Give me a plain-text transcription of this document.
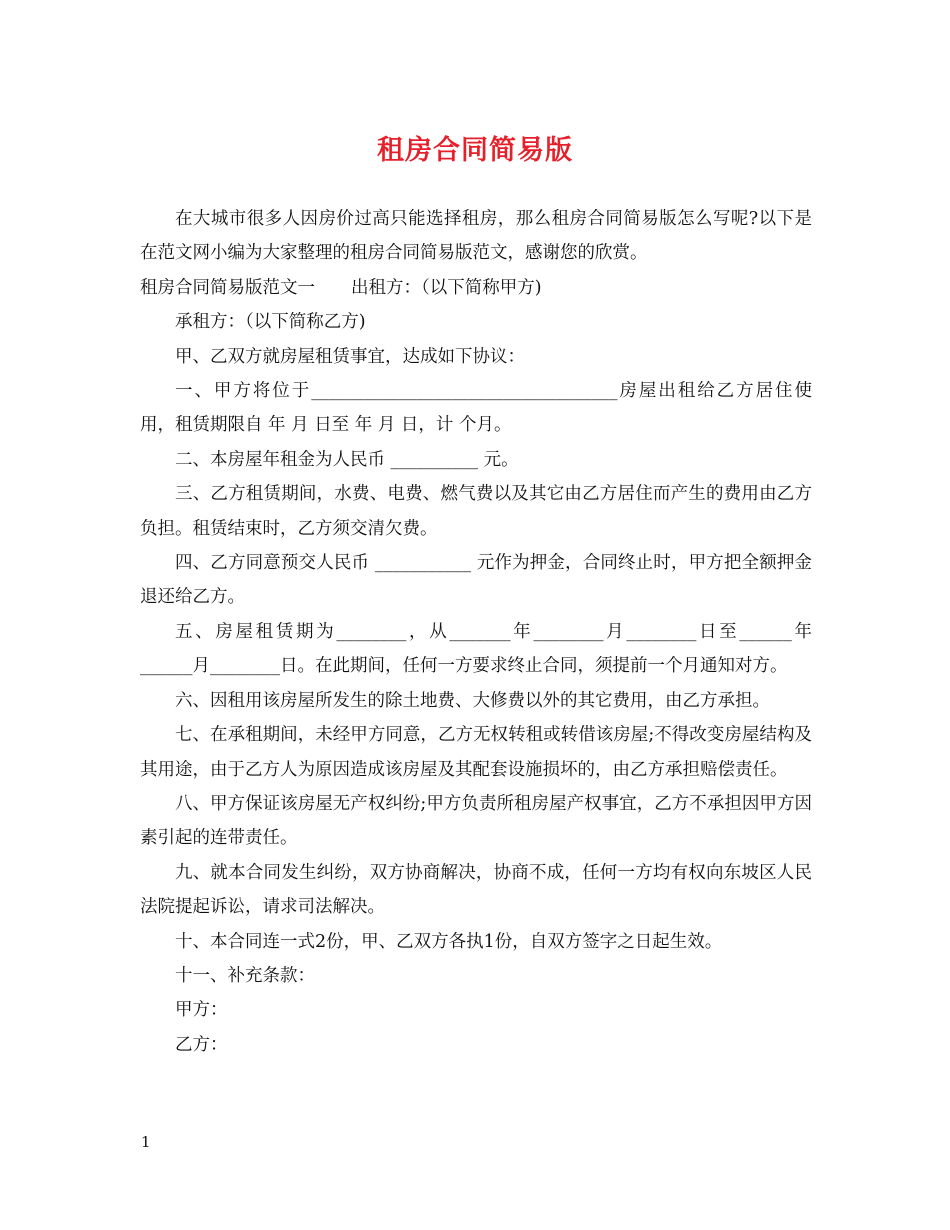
租房合同简易版

在大城市很多人因房价过高只能选择租房，那么租房合同简易版怎么写呢?以下是在范文网小编为大家整理的租房合同简易版范文，感谢您的欣赏。

租房合同简易版范文一 出租方：（以下简称甲方)

承租方：（以下简称乙方)

甲、乙双方就房屋租赁事宜，达成如下协议：

一、甲方将位于___________________________________房屋出租给乙方居住使用，租赁期限自 年 月 日至 年 月 日，计 个月。

二、本房屋年租金为人民币 __________ 元。

三、乙方租赁期间，水费、电费、燃气费以及其它由乙方居住而产生的费用由乙方负担。租赁结束时，乙方须交清欠费。

四、乙方同意预交人民币 ___________ 元作为押金，合同终止时，甲方把全额押金退还给乙方。

五、房屋租赁期为________，从_______年________月________日至______年______月________日。在此期间，任何一方要求终止合同，须提前一个月通知对方。

六、因租用该房屋所发生的除土地费、大修费以外的其它费用，由乙方承担。

七、在承租期间，未经甲方同意，乙方无权转租或转借该房屋;不得改变房屋结构及其用途，由于乙方人为原因造成该房屋及其配套设施损坏的，由乙方承担赔偿责任。

八、甲方保证该房屋无产权纠纷;甲方负责所租房屋产权事宜，乙方不承担因甲方因素引起的连带责任。

九、就本合同发生纠纷，双方协商解决，协商不成，任何一方均有权向东坡区人民法院提起诉讼，请求司法解决。

十、本合同连一式2份，甲、乙双方各执1份，自双方签字之日起生效。

十一、补充条款：

甲方：

乙方：

1
